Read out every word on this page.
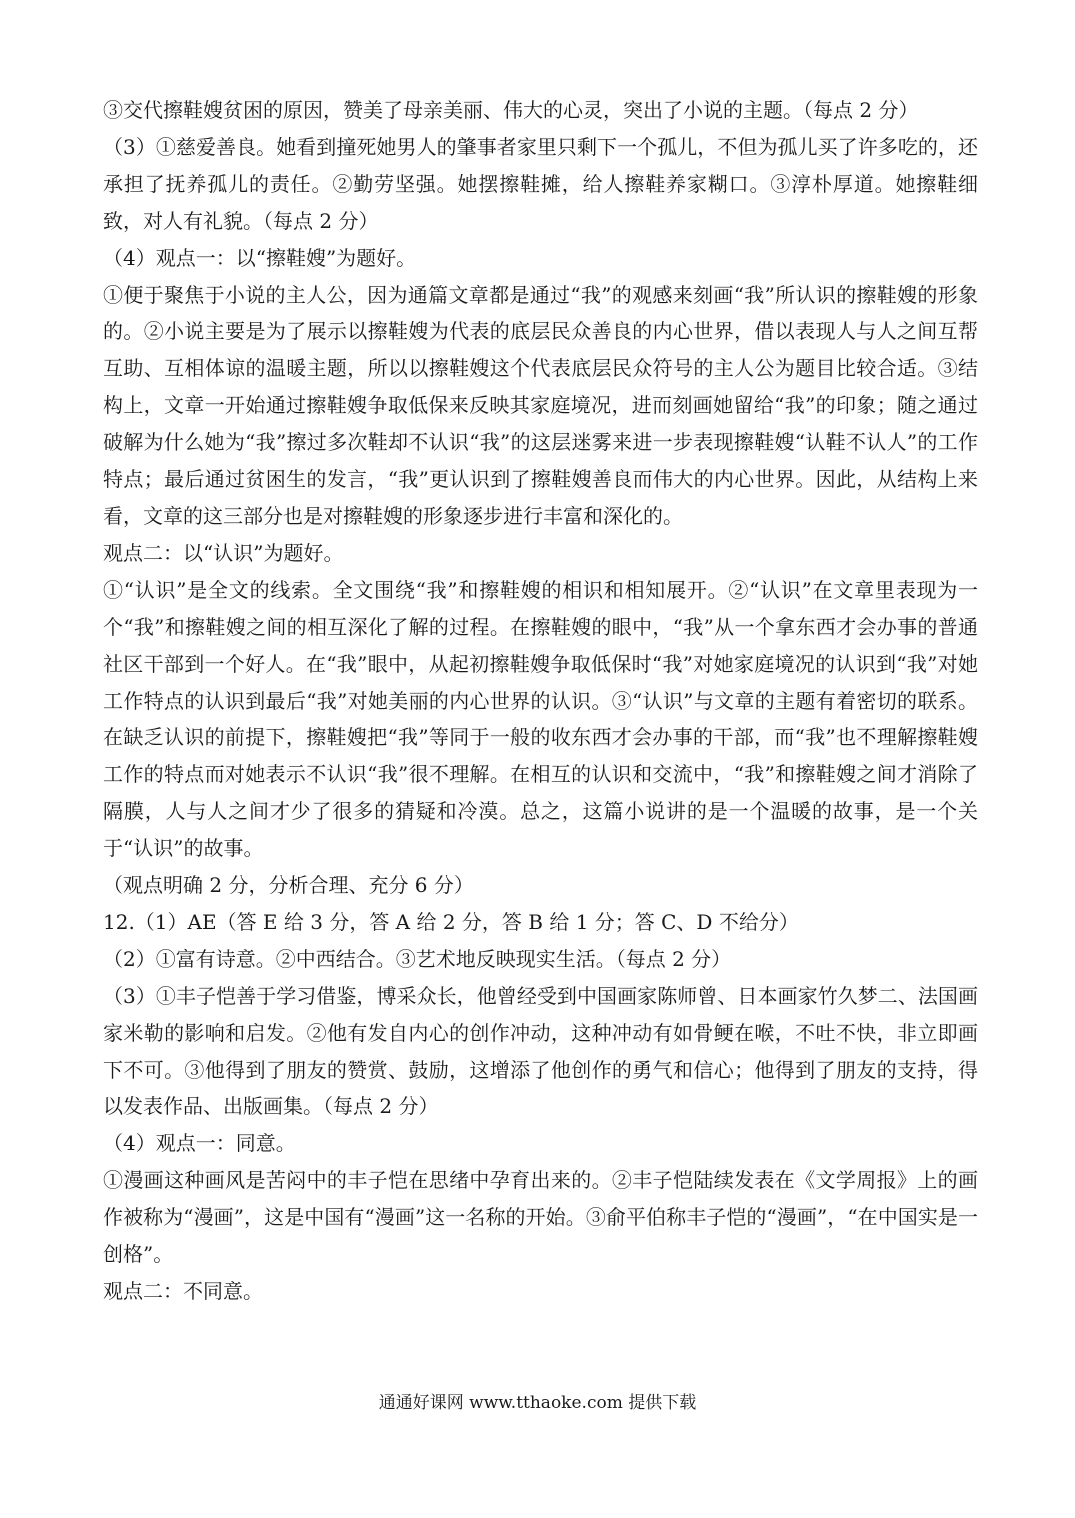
③交代擦鞋嫂贫困的原因，赞美了母亲美丽、伟大的心灵，突出了小说的主题。（每点 2 分）

（3）①慈爱善良。她看到撞死她男人的肇事者家里只剩下一个孤儿，不但为孤儿买了许多吃的，还承担了抚养孤儿的责任。②勤劳坚强。她摆擦鞋摊，给人擦鞋养家糊口。③淳朴厚道。她擦鞋细致，对人有礼貌。（每点 2 分）

（4）观点一：以“擦鞋嫂”为题好。

①便于聚焦于小说的主人公，因为通篇文章都是通过“我”的观感来刻画“我”所认识的擦鞋嫂的形象的。②小说主要是为了展示以擦鞋嫂为代表的底层民众善良的内心世界，借以表现人与人之间互帮互助、互相体谅的温暖主题，所以以擦鞋嫂这个代表底层民众符号的主人公为题目比较合适。③结构上，文章一开始通过擦鞋嫂争取低保来反映其家庭境况，进而刻画她留给“我”的印象；随之通过破解为什么她为“我”擦过多次鞋却不认识“我”的这层迷雾来进一步表现擦鞋嫂“认鞋不认人”的工作特点；最后通过贫困生的发言，“我”更认识到了擦鞋嫂善良而伟大的内心世界。因此，从结构上来看，文章的这三部分也是对擦鞋嫂的形象逐步进行丰富和深化的。

观点二：以“认识”为题好。

①“认识”是全文的线索。全文围绕“我”和擦鞋嫂的相识和相知展开。②“认识”在文章里表现为一个“我”和擦鞋嫂之间的相互深化了解的过程。在擦鞋嫂的眼中，“我”从一个拿东西才会办事的普通社区干部到一个好人。在“我”眼中，从起初擦鞋嫂争取低保时“我”对她家庭境况的认识到“我”对她工作特点的认识到最后“我”对她美丽的内心世界的认识。③“认识”与文章的主题有着密切的联系。在缺乏认识的前提下，擦鞋嫂把“我”等同于一般的收东西才会办事的干部，而“我”也不理解擦鞋嫂工作的特点而对她表示不认识“我”很不理解。在相互的认识和交流中，“我”和擦鞋嫂之间才消除了隔膜，人与人之间才少了很多的猜疑和冷漠。总之，这篇小说讲的是一个温暖的故事，是一个关于“认识”的故事。

（观点明确 2 分，分析合理、充分 6 分）

12.（1）AE（答 E 给 3 分，答 A 给 2 分，答 B 给 1 分；答 C、D 不给分）

（2）①富有诗意。②中西结合。③艺术地反映现实生活。（每点 2 分）

（3）①丰子恺善于学习借鉴，博采众长，他曾经受到中国画家陈师曾、日本画家竹久梦二、法国画家米勒的影响和启发。②他有发自内心的创作冲动，这种冲动有如骨鲠在喉，不吐不快，非立即画下不可。③他得到了朋友的赞赏、鼓励，这增添了他创作的勇气和信心；他得到了朋友的支持，得以发表作品、出版画集。（每点 2 分）

（4）观点一：同意。

①漫画这种画风是苦闷中的丰子恺在思绪中孕育出来的。②丰子恺陆续发表在《文学周报》上的画作被称为“漫画”，这是中国有“漫画”这一名称的开始。③俞平伯称丰子恺的“漫画”，“在中国实是一创格”。

观点二：不同意。

通通好课网 www.tthaoke.com 提供下载
